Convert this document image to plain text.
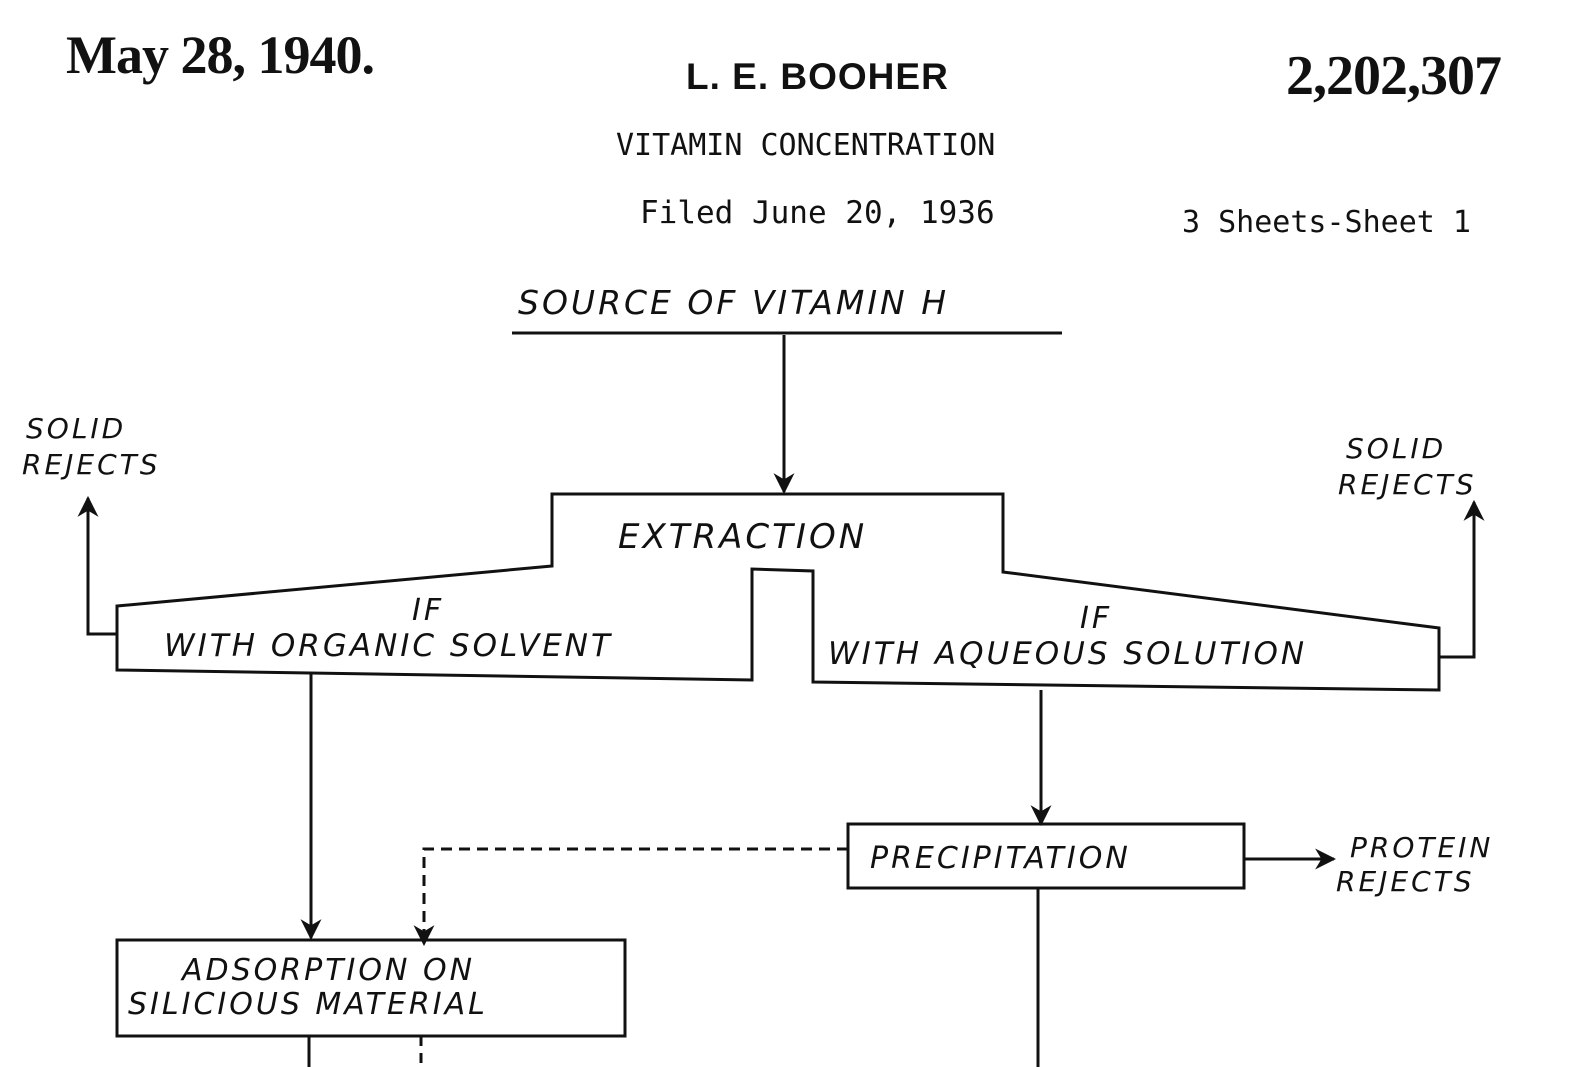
May 28, 1940.	L. E. BOOHER	2,202,307
VITAMIN CONCENTRATION
Filed June 20, 1936	3 Sheets-Sheet 1
SOURCE OF VITAMIN H
EXTRACTION
IF
WITH ORGANIC SOLVENT
IF
WITH AQUEOUS SOLUTION
SOLID
REJECTS	SOLID
REJECTS
PRECIPITATION	PROTEIN
REJECTS
ADSORPTION ON
SILICIOUS MATERIAL
